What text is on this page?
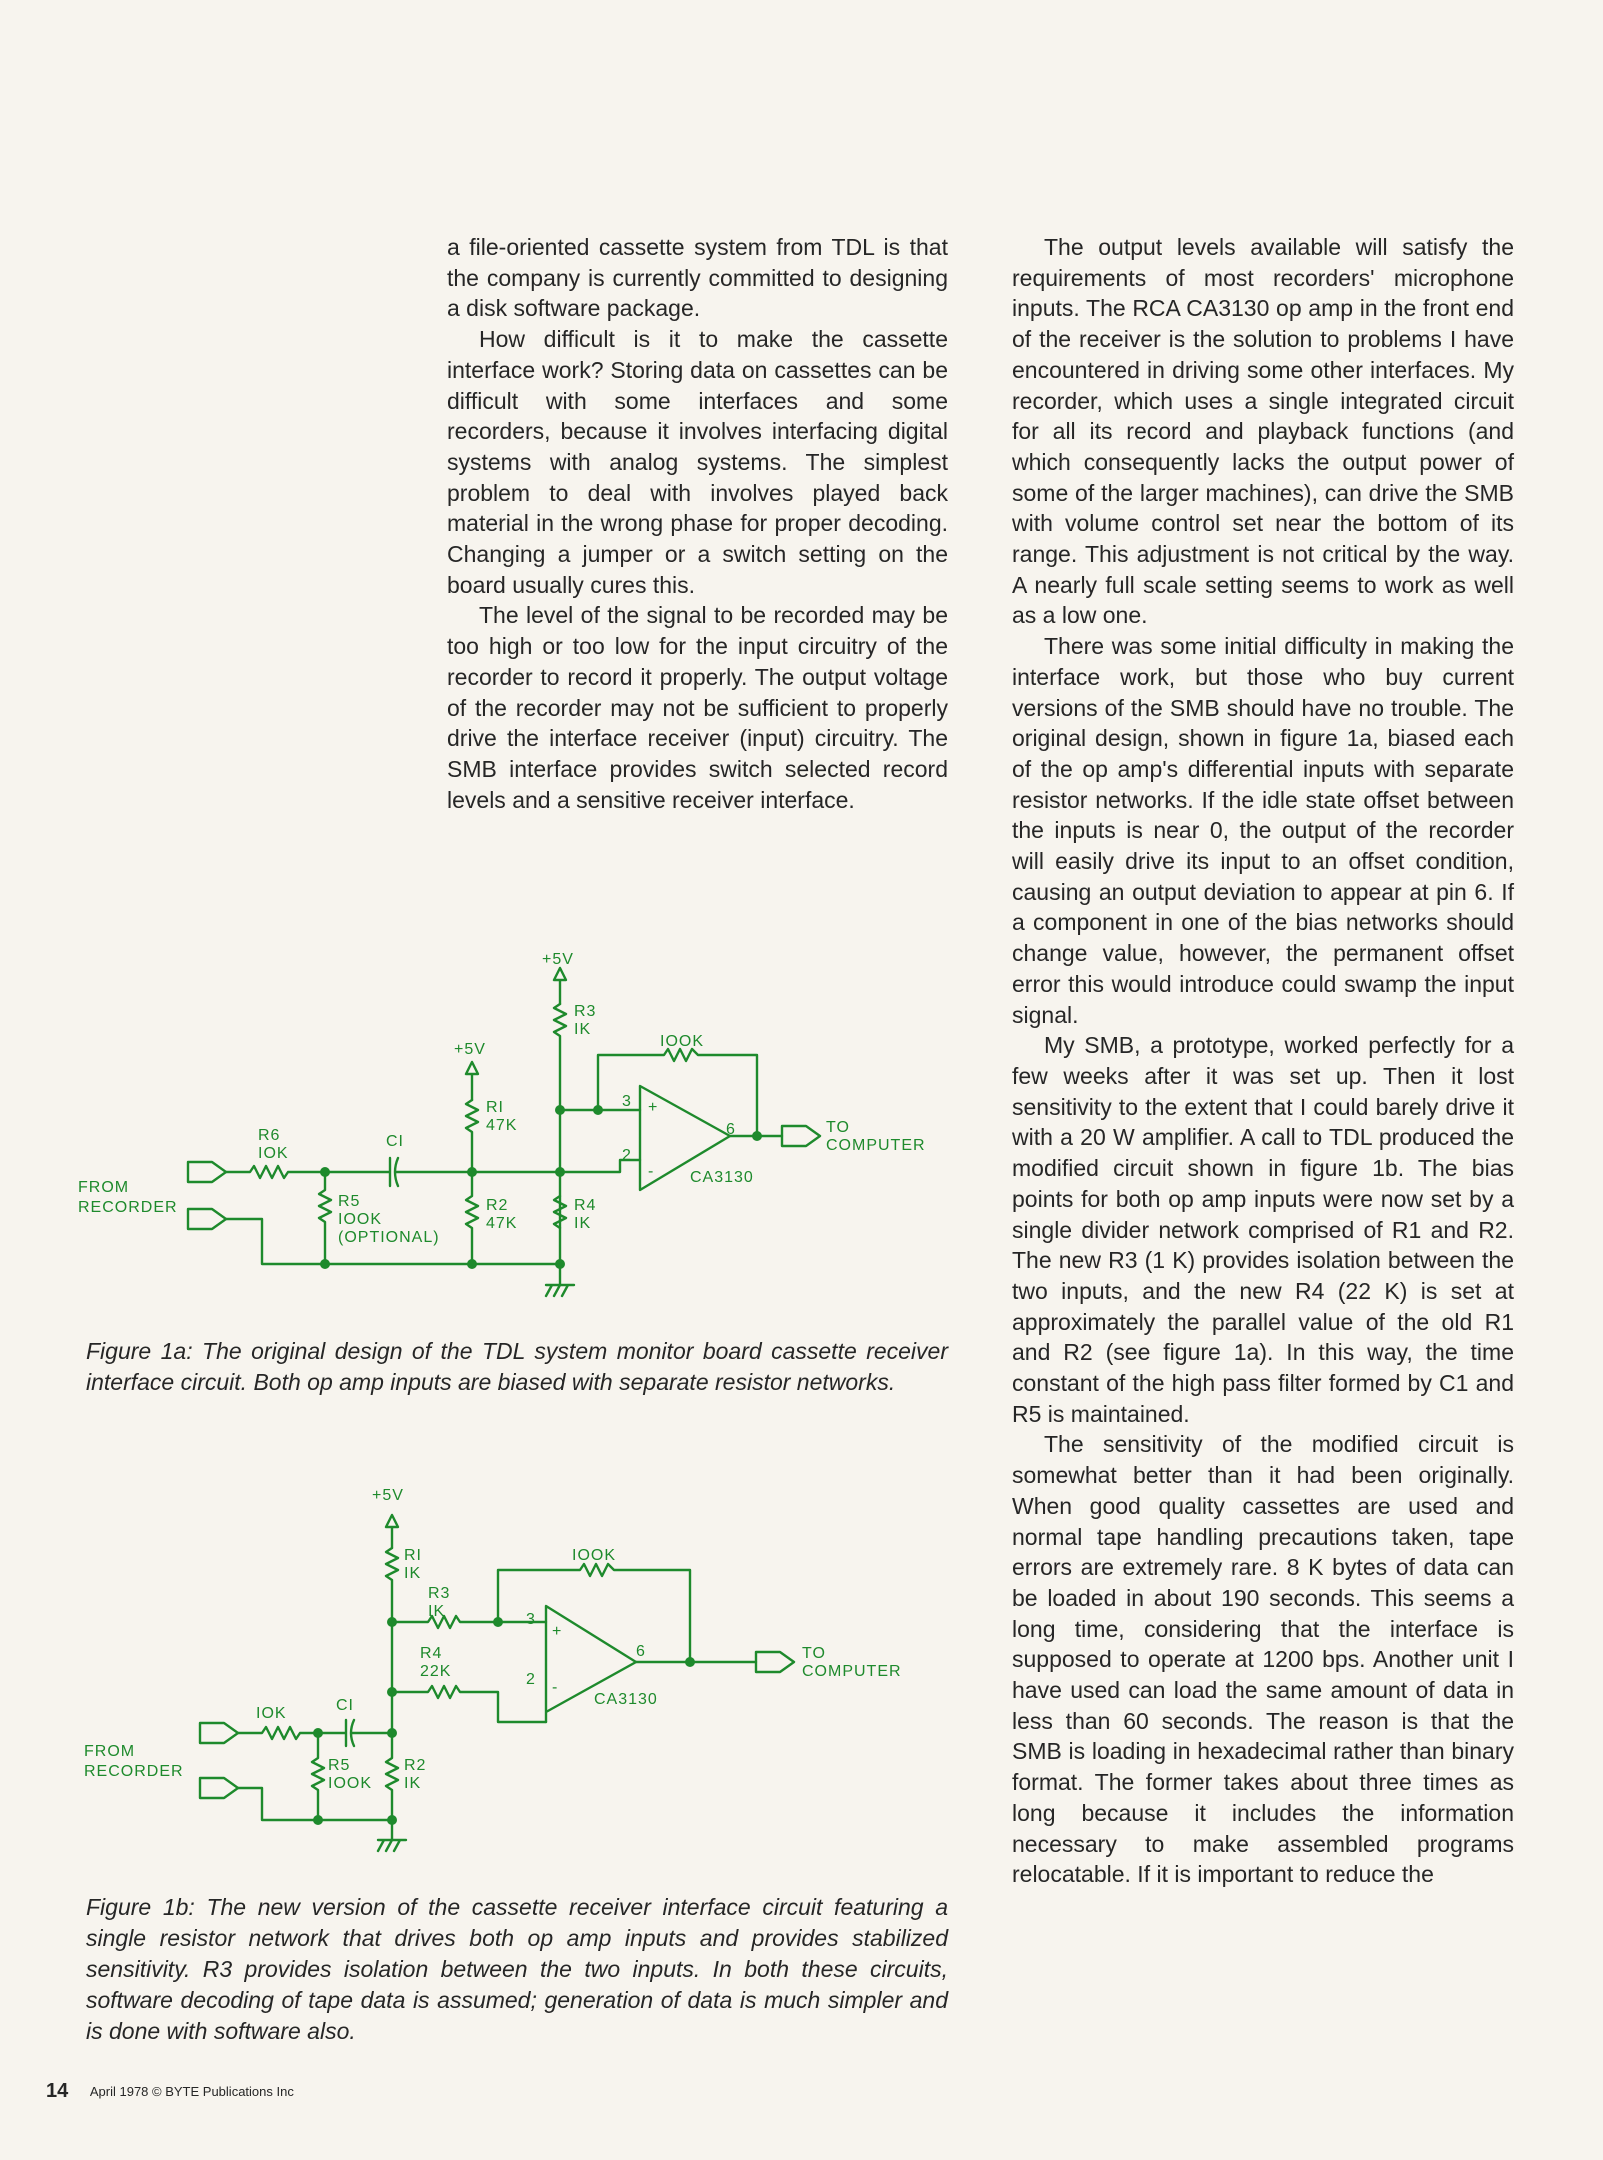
a file-oriented cassette system from TDL is that the company is currently committed to designing a disk software package.

How difficult is it to make the cassette interface work? Storing data on cassettes can be difficult with some interfaces and some recorders, because it involves interfacing digital systems with analog systems. The simplest problem to deal with involves played back material in the wrong phase for proper decoding. Changing a jumper or a switch setting on the board usually cures this.

The level of the signal to be recorded may be too high or too low for the input circuitry of the recorder to record it properly. The output voltage of the recorder may not be sufficient to properly drive the interface receiver (input) circuitry. The SMB interface provides switch selected record levels and a sensitive receiver interface.

The output levels available will satisfy the requirements of most recorders' microphone inputs. The RCA CA3130 op amp in the front end of the receiver is the solution to problems I have encountered in driving some other interfaces. My recorder, which uses a single integrated circuit for all its record and playback functions (and which consequently lacks the output power of some of the larger machines), can drive the SMB with volume control set near the bottom of its range. This adjustment is not critical by the way. A nearly full scale setting seems to work as well as a low one.

There was some initial difficulty in making the interface work, but those who buy current versions of the SMB should have no trouble. The original design, shown in figure 1a, biased each of the op amp's differential inputs with separate resistor networks. If the idle state offset between the inputs is near 0, the output of the recorder will easily drive its input to an offset condition, causing an output deviation to appear at pin 6. If a component in one of the bias networks should change value, however, the permanent offset error this would introduce could swamp the input signal.

My SMB, a prototype, worked perfectly for a few weeks after it was set up. Then it lost sensitivity to the extent that I could barely drive it with a 20 W amplifier. A call to TDL produced the modified circuit shown in figure 1b. The bias points for both op amp inputs were now set by a single divider network comprised of R1 and R2. The new R3 (1 K) provides isolation between the two inputs, and the new R4 (22 K) is set at approximately the parallel value of the old R1 and R2 (see figure 1a). In this way, the time constant of the high pass filter formed by C1 and R5 is maintained.

The sensitivity of the modified circuit is somewhat better than it had been originally. When good quality cassettes are used and normal tape handling precautions taken, tape errors are extremely rare. 8 K bytes of data can be loaded in about 190 seconds. This seems a long time, considering that the interface is supposed to operate at 1200 bps. Another unit I have used can load the same amount of data in less than 60 seconds. The reason is that the SMB is loading in hexadecimal rather than binary format. The former takes about three times as long because it includes the information necessary to make assembled programs relocatable. If it is important to reduce the

FROM
RECORDER
R6
IOK
CI
R5
IOOK
(OPTIONAL)
+5V
RI
47K
R2
47K
+5V
R3
IK
R4
IK
IOOK
3
2
6
+
- CA3130
TO
COMPUTER
Figure 1a: The original design of the TDL system monitor board cassette receiver interface circuit. Both op amp inputs are biased with separate resistor networks.
FROM
RECORDER
IOK	CI
R5
IOOK
+5V
RI
IK
R2
IK
R3
IK
R4
22K
IOOK
3
2
6
+
-
CA3130
TO
COMPUTER
Figure 1b: The new version of the cassette receiver interface circuit featuring a single resistor network that drives both op amp inputs and provides stabilized sensitivity. R3 provides isolation between the two inputs. In both these circuits, software decoding of tape data is assumed; generation of data is much simpler and is done with software also.
14 April 1978 © BYTE Publications Inc
